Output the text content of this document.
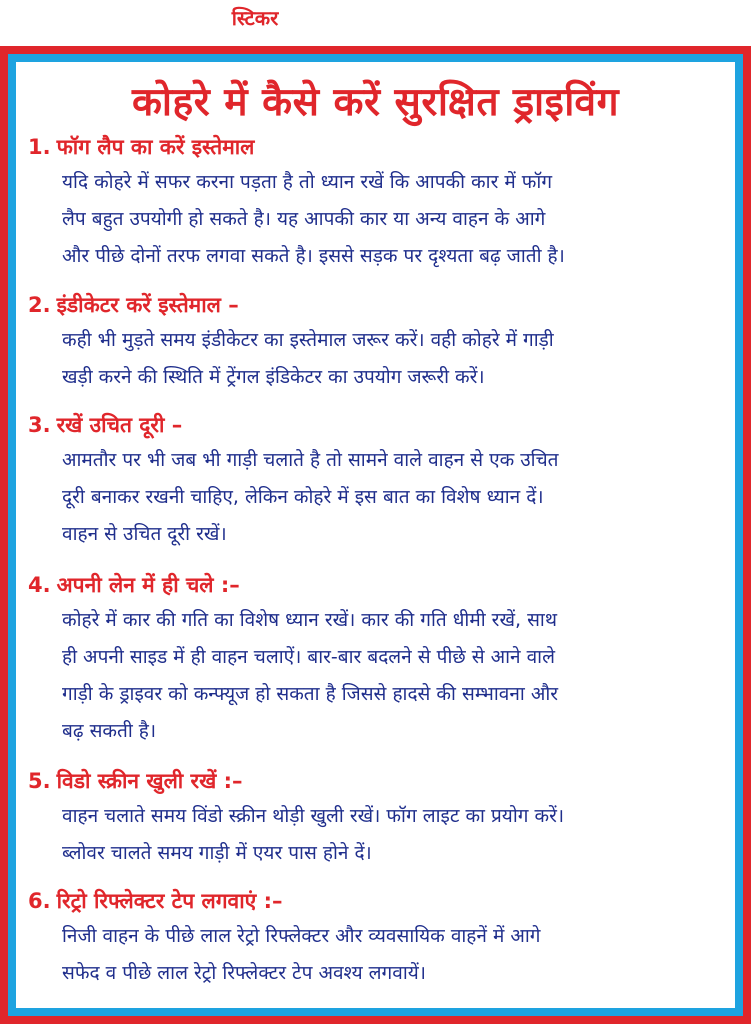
स्टिकर
कोहरे में कैसे करें सुरक्षित ड्राइविंग
1. फॉग लैप का करें इस्तेमाल
यदि कोहरे में सफर करना पड़ता है तो ध्यान रखें कि आपकी कार में फॉग
लैप बहुत उपयोगी हो सकते है। यह आपकी कार या अन्य वाहन के आगे
और पीछे दोनों तरफ लगवा सकते है। इससे सड़क पर दृश्यता बढ़ जाती है।
2. इंडीकेटर करें इस्तेमाल –
कही भी मुड़ते समय इंडीकेटर का इस्तेमाल जरूर करें। वही कोहरे में गाड़ी
खड़ी करने की स्थिति में ट्रेंगल इंडिकेटर का उपयोग जरूरी करें।
3. रखें उचित दूरी –
आमतौर पर भी जब भी गाड़ी चलाते है तो सामने वाले वाहन से एक उचित
दूरी बनाकर रखनी चाहिए, लेकिन कोहरे में इस बात का विशेष ध्यान दें।
वाहन से उचित दूरी रखें।
4. अपनी लेन में ही चले :–
कोहरे में कार की गति का विशेष ध्यान रखें। कार की गति धीमी रखें, साथ
ही अपनी साइड में ही वाहन चलाऐं। बार-बार बदलने से पीछे से आने वाले
गाड़ी के ड्राइवर को कन्फ्यूज हो सकता है जिससे हादसे की सम्भावना और
बढ़ सकती है।
5. विडो स्क्रीन खुली रखें :–
वाहन चलाते समय विंडो स्क्रीन थोड़ी खुली रखें। फॉग लाइट का प्रयोग करें।
ब्लोवर चालते समय गाड़ी में एयर पास होने दें।
6. रिट्रो रिफ्लेक्टर टेप लगवाएं :–
निजी वाहन के पीछे लाल रेट्रो रिफ्लेक्टर और व्यवसायिक वाहनें में आगे
सफेद व पीछे लाल रेट्रो रिफ्लेक्टर टेप अवश्य लगवायें।
